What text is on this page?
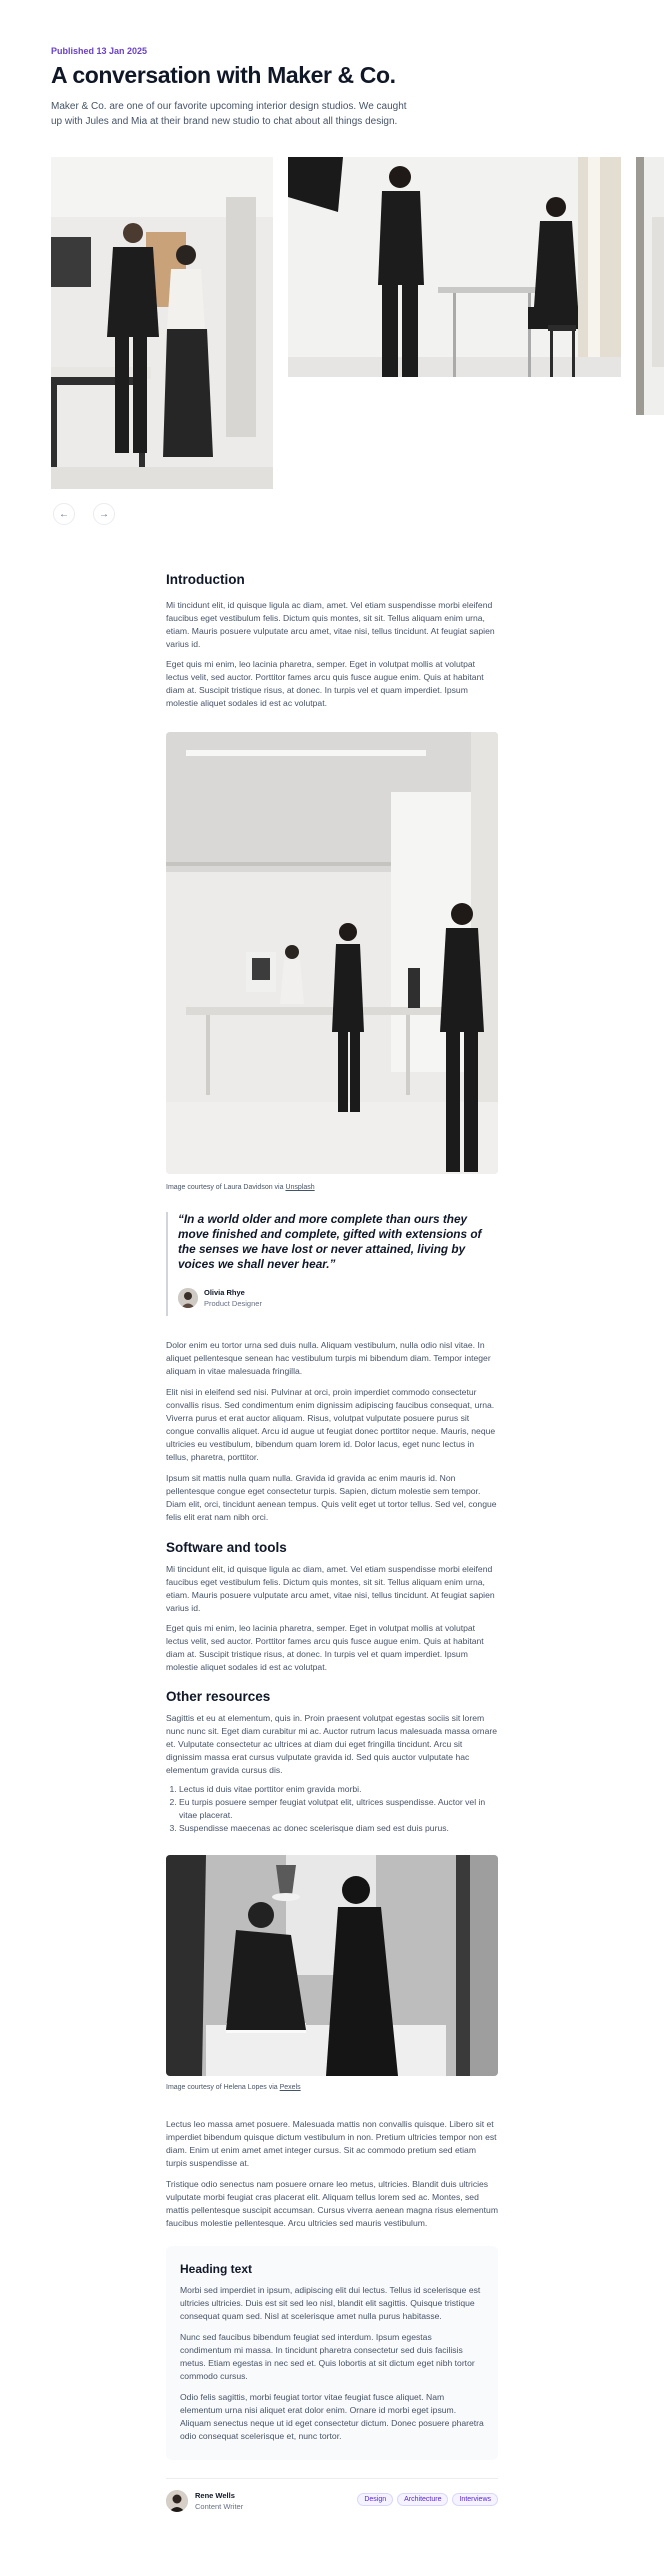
Published 13 Jan 2025
A conversation with Maker & Co.

Maker & Co. are one of our favorite upcoming interior design studios. We caught up with Jules and Mia at their brand new studio to chat about all things design.

←	→
Introduction

Mi tincidunt elit, id quisque ligula ac diam, amet. Vel etiam suspendisse morbi eleifend faucibus eget vestibulum felis. Dictum quis montes, sit sit. Tellus aliquam enim urna, etiam. Mauris posuere vulputate arcu amet, vitae nisi, tellus tincidunt. At feugiat sapien varius id.

Eget quis mi enim, leo lacinia pharetra, semper. Eget in volutpat mollis at volutpat lectus velit, sed auctor. Porttitor fames arcu quis fusce augue enim. Quis at habitant diam at. Suscipit tristique risus, at donec. In turpis vel et quam imperdiet. Ipsum molestie aliquet sodales id est ac volutpat.

Image courtesy of Laura Davidson via Unsplash

“In a world older and more complete than ours they move finished and complete, gifted with extensions of the senses we have lost or never attained, living by voices we shall never hear.”

Olivia Rhye
Product Designer

Dolor enim eu tortor urna sed duis nulla. Aliquam vestibulum, nulla odio nisl vitae. In aliquet pellentesque senean hac vestibulum turpis mi bibendum diam. Tempor integer aliquam in vitae malesuada fringilla.

Elit nisi in eleifend sed nisi. Pulvinar at orci, proin imperdiet commodo consectetur convallis risus. Sed condimentum enim dignissim adipiscing faucibus consequat, urna. Viverra purus et erat auctor aliquam. Risus, volutpat vulputate posuere purus sit congue convallis aliquet. Arcu id augue ut feugiat donec porttitor neque. Mauris, neque ultricies eu vestibulum, bibendum quam lorem id. Dolor lacus, eget nunc lectus in tellus, pharetra, porttitor.

Ipsum sit mattis nulla quam nulla. Gravida id gravida ac enim mauris id. Non pellentesque congue eget consectetur turpis. Sapien, dictum molestie sem tempor. Diam elit, orci, tincidunt aenean tempus. Quis velit eget ut tortor tellus. Sed vel, congue felis elit erat nam nibh orci.

Software and tools

Mi tincidunt elit, id quisque ligula ac diam, amet. Vel etiam suspendisse morbi eleifend faucibus eget vestibulum felis. Dictum quis montes, sit sit. Tellus aliquam enim urna, etiam. Mauris posuere vulputate arcu amet, vitae nisi, tellus tincidunt. At feugiat sapien varius id.

Eget quis mi enim, leo lacinia pharetra, semper. Eget in volutpat mollis at volutpat lectus velit, sed auctor. Porttitor fames arcu quis fusce augue enim. Quis at habitant diam at. Suscipit tristique risus, at donec. In turpis vel et quam imperdiet. Ipsum molestie aliquet sodales id est ac volutpat.

Other resources

Sagittis et eu at elementum, quis in. Proin praesent volutpat egestas sociis sit lorem nunc nunc sit. Eget diam curabitur mi ac. Auctor rutrum lacus malesuada massa ornare et. Vulputate consectetur ac ultrices at diam dui eget fringilla tincidunt. Arcu sit dignissim massa erat cursus vulputate gravida id. Sed quis auctor vulputate hac elementum gravida cursus dis.

1. Lectus id duis vitae porttitor enim gravida morbi.
2. Eu turpis posuere semper feugiat volutpat elit, ultrices suspendisse. Auctor vel in vitae placerat.
3. Suspendisse maecenas ac donec scelerisque diam sed est duis purus.

Image courtesy of Helena Lopes via Pexels

Lectus leo massa amet posuere. Malesuada mattis non convallis quisque. Libero sit et imperdiet bibendum quisque dictum vestibulum in non. Pretium ultricies tempor non est diam. Enim ut enim amet amet integer cursus. Sit ac commodo pretium sed etiam turpis suspendisse at.

Tristique odio senectus nam posuere ornare leo metus, ultricies. Blandit duis ultricies vulputate morbi feugiat cras placerat elit. Aliquam tellus lorem sed ac. Montes, sed mattis pellentesque suscipit accumsan. Cursus viverra aenean magna risus elementum faucibus molestie pellentesque. Arcu ultricies sed mauris vestibulum.

Heading text

Morbi sed imperdiet in ipsum, adipiscing elit dui lectus. Tellus id scelerisque est ultricies ultricies. Duis est sit sed leo nisl, blandit elit sagittis. Quisque tristique consequat quam sed. Nisl at scelerisque amet nulla purus habitasse.

Nunc sed faucibus bibendum feugiat sed interdum. Ipsum egestas condimentum mi massa. In tincidunt pharetra consectetur sed duis facilisis metus. Etiam egestas in nec sed et. Quis lobortis at sit dictum eget nibh tortor commodo cursus.

Odio felis sagittis, morbi feugiat tortor vitae feugiat fusce aliquet. Nam elementum urna nisi aliquet erat dolor enim. Ornare id morbi eget ipsum. Aliquam senectus neque ut id eget consectetur dictum. Donec posuere pharetra odio consequat scelerisque et, nunc tortor.

Rene Wells
Content Writer
Design	Architecture	Interviews
